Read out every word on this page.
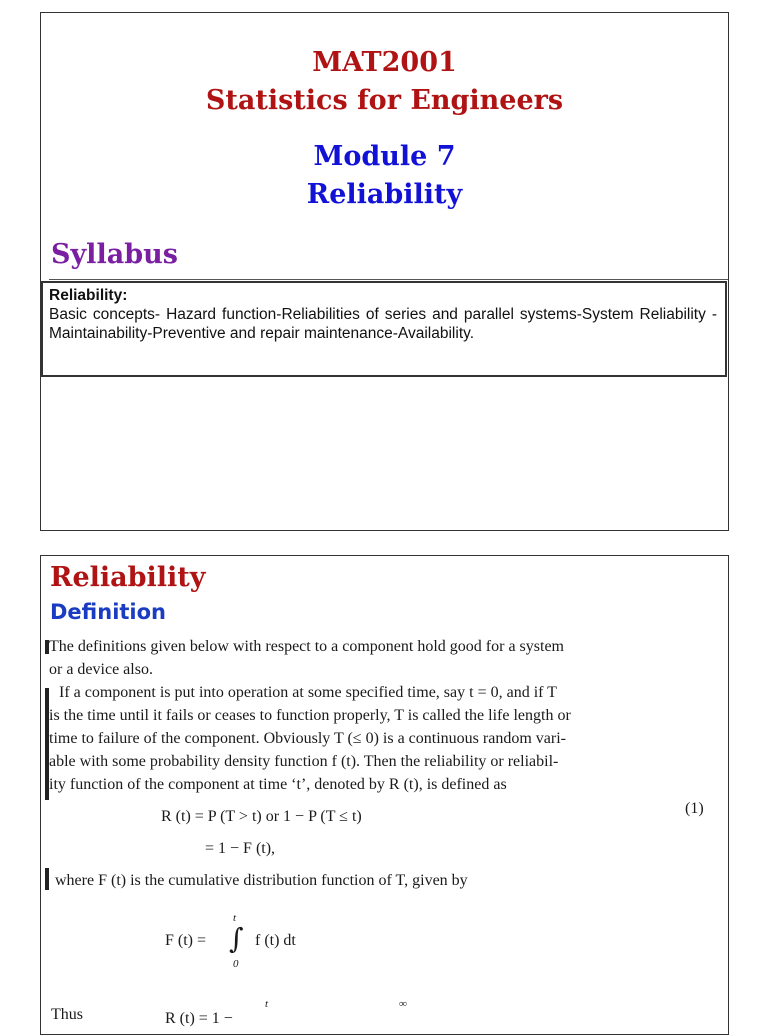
MAT2001
Statistics for Engineers
Module 7
Reliability
Syllabus
Reliability:
Basic concepts- Hazard function-Reliabilities of series and parallel systems-System Reliability - Maintainability-Preventive and repair maintenance-Availability.
Reliability
Definition
The definitions given below with respect to a component hold good for a system
or a device also.
If a component is put into operation at some specified time, say t = 0, and if T
is the time until it fails or ceases to function properly, T is called the life length or
time to failure of the component. Obviously T (≤ 0) is a continuous random vari-
able with some probability density function f (t). Then the reliability or reliabil-
ity function of the component at time ‘t’, denoted by R (t), is defined as
R (t) = P (T > t) or 1 − P (T ≤ t)	(1)
= 1 − F (t),
where F (t) is the cumulative distribution function of T, given by
F (t) = ∫
t
0
f (t) dt
Thus	R (t) = 1 −
t	∞
